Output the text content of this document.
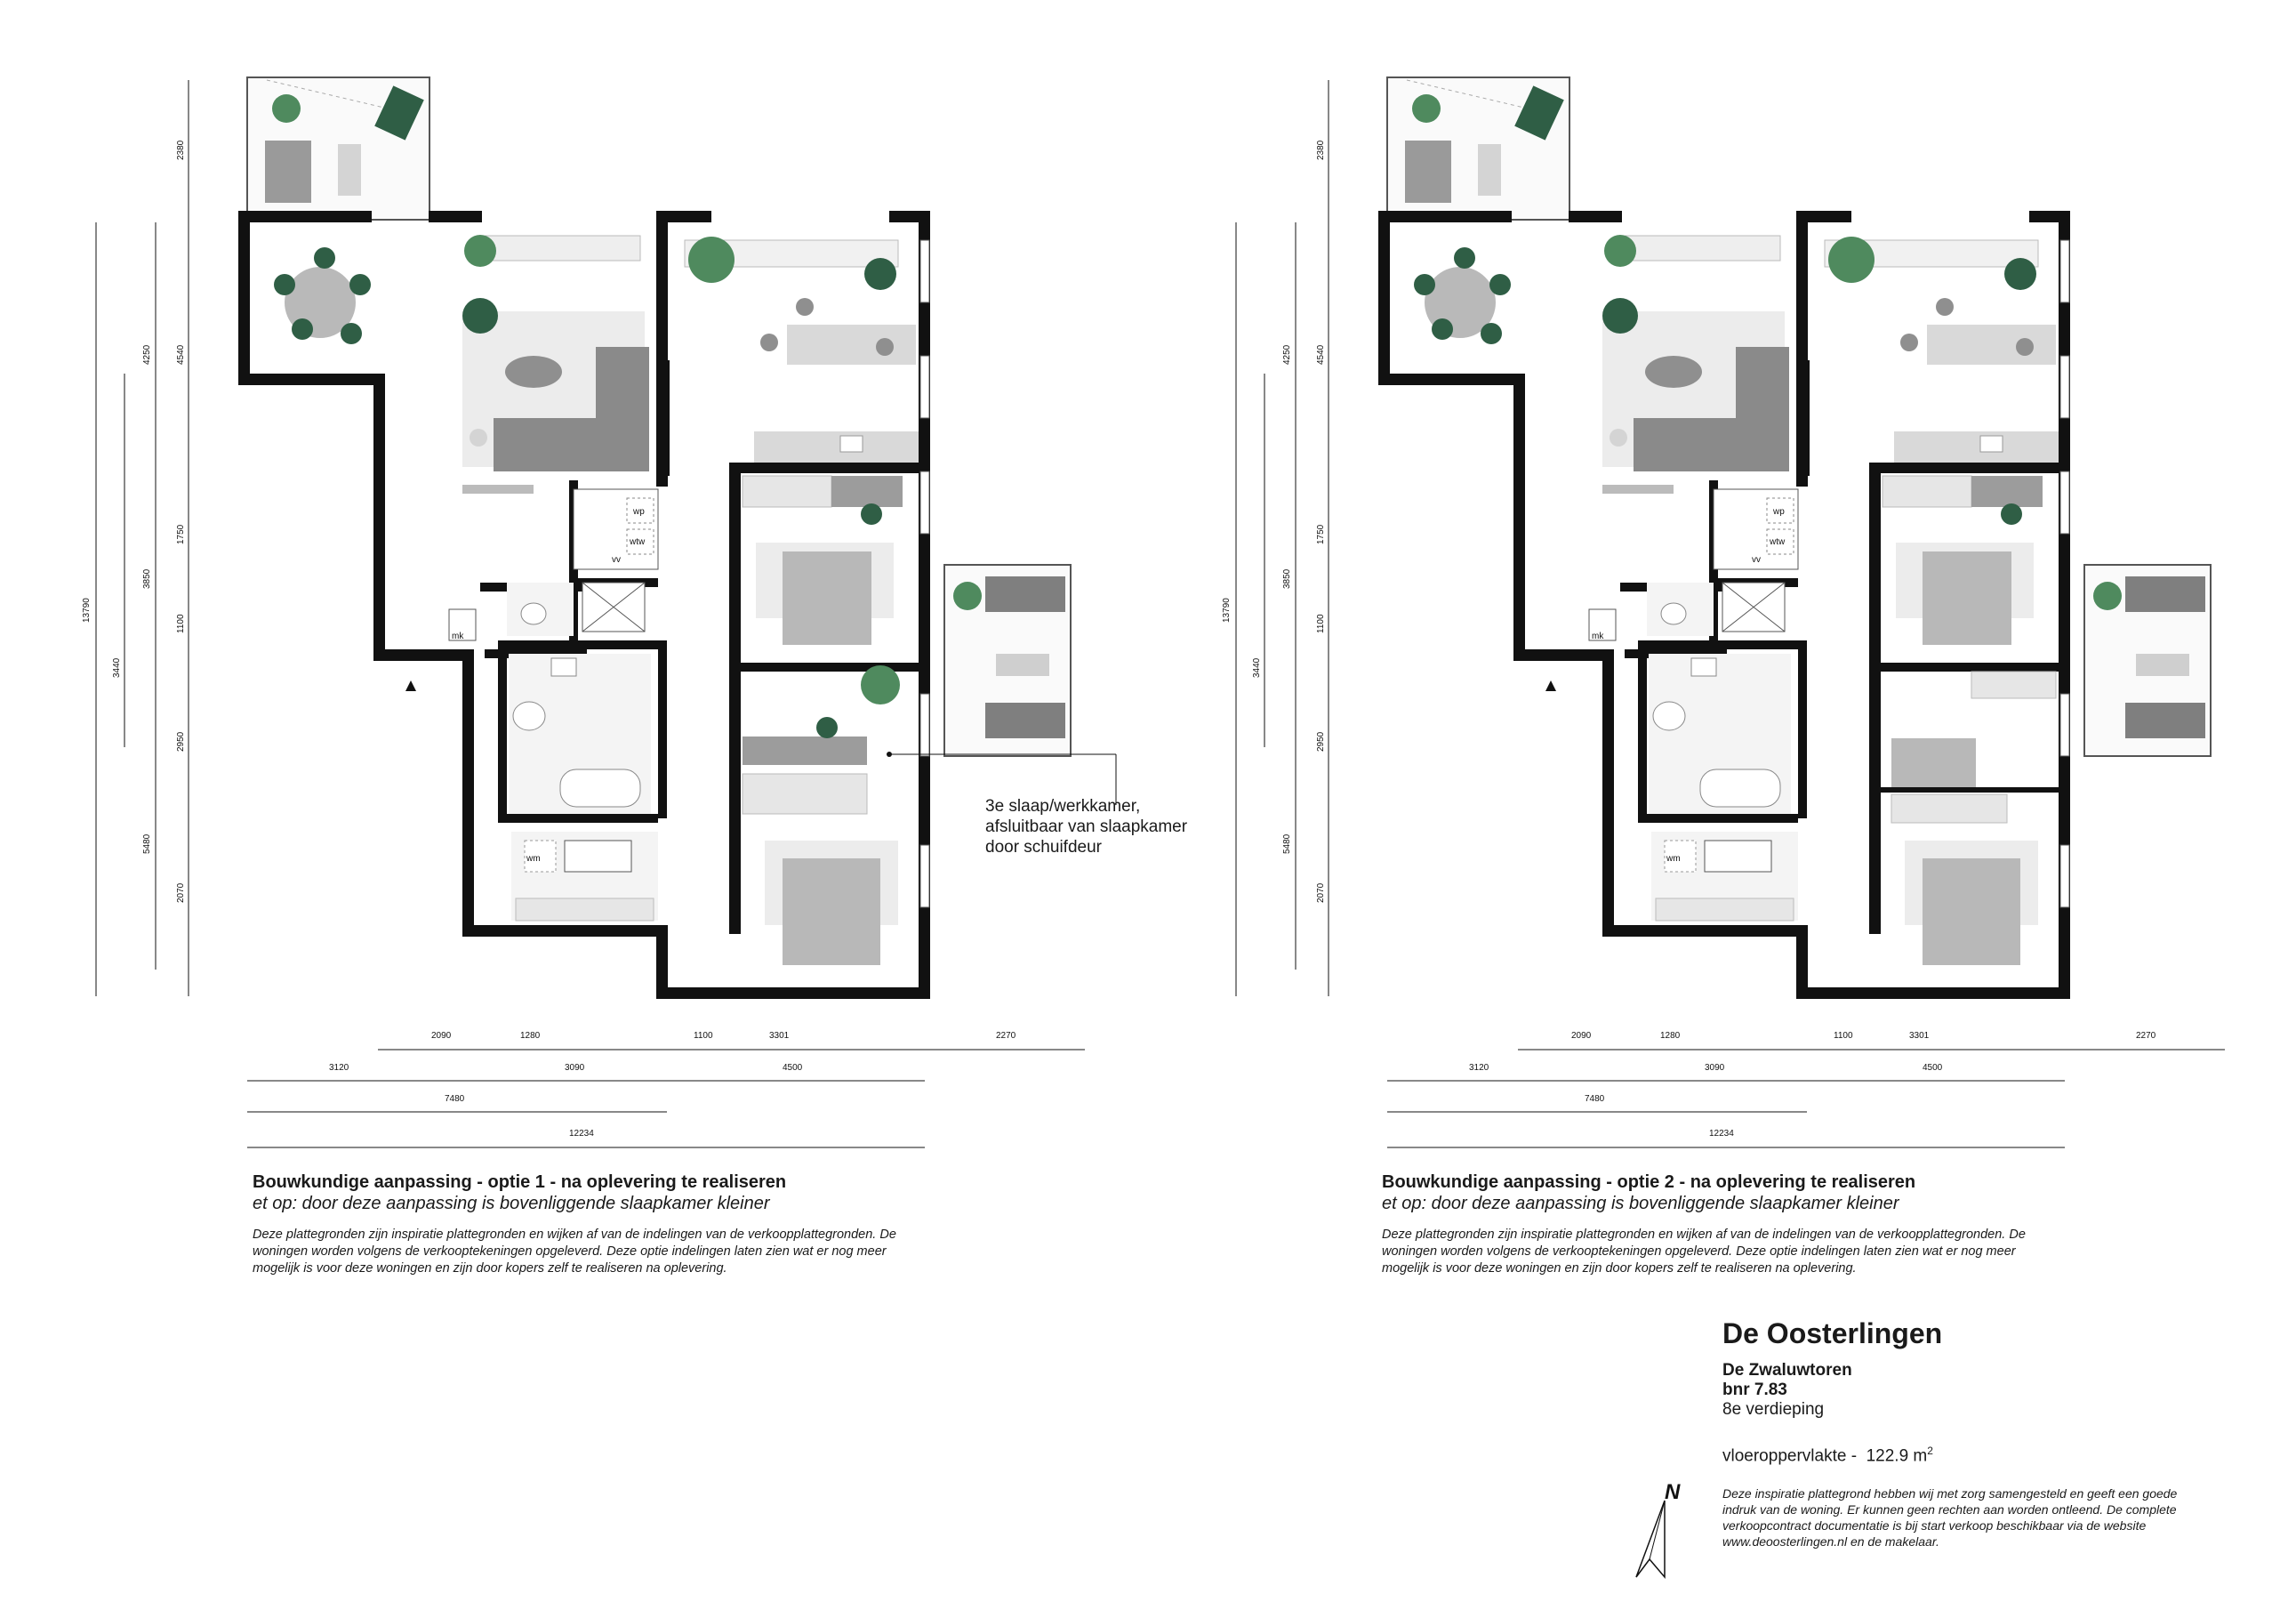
wp
wtw
vv
mk
wm
2380
4250	4540
1750
3850
1100
13790
3440
2950
5480
2070
2090	1280	1100	3301	2270
3120	3090	4500
7480
12234
3e slaap/werkkamer,
afsluitbaar van slaapkamer
door schuifdeur
wp
wtw
vv
mk
wm
2380
4250	4540
1750
3850
1100
13790
3440
2950
5480
2070
2090	1280	1100	3301	2270
3120	3090	4500
7480
12234
Bouwkundige aanpassing - optie 1 - na oplevering te realiseren
et op: door deze aanpassing is bovenliggende slaapkamer kleiner
Deze plattegronden zijn inspiratie plattegronden en wijken af van de indelingen van de verkoopplattegronden. De woningen worden volgens de verkooptekeningen opgeleverd. Deze optie indelingen laten zien wat er nog meer mogelijk is voor deze woningen en zijn door kopers zelf te realiseren na oplevering.
Bouwkundige aanpassing - optie 2 - na oplevering te realiseren
et op: door deze aanpassing is bovenliggende slaapkamer kleiner
Deze plattegronden zijn inspiratie plattegronden en wijken af van de indelingen van de verkoopplattegronden. De woningen worden volgens de verkooptekeningen opgeleverd. Deze optie indelingen laten zien wat er nog meer mogelijk is voor deze woningen en zijn door kopers zelf te realiseren na oplevering.
De Oosterlingen
De Zwaluwtoren
bnr 7.83
8e verdieping
vloeroppervlakte - 122.9 $m^2$
Deze inspiratie plattegrond hebben wij met zorg samengesteld en geeft een goede indruk van de woning. Er kunnen geen rechten aan worden ontleend. De complete verkoopcontract documentatie is bij start verkoop beschikbaar via de website www.deoosterlingen.nl en de makelaar.
N
